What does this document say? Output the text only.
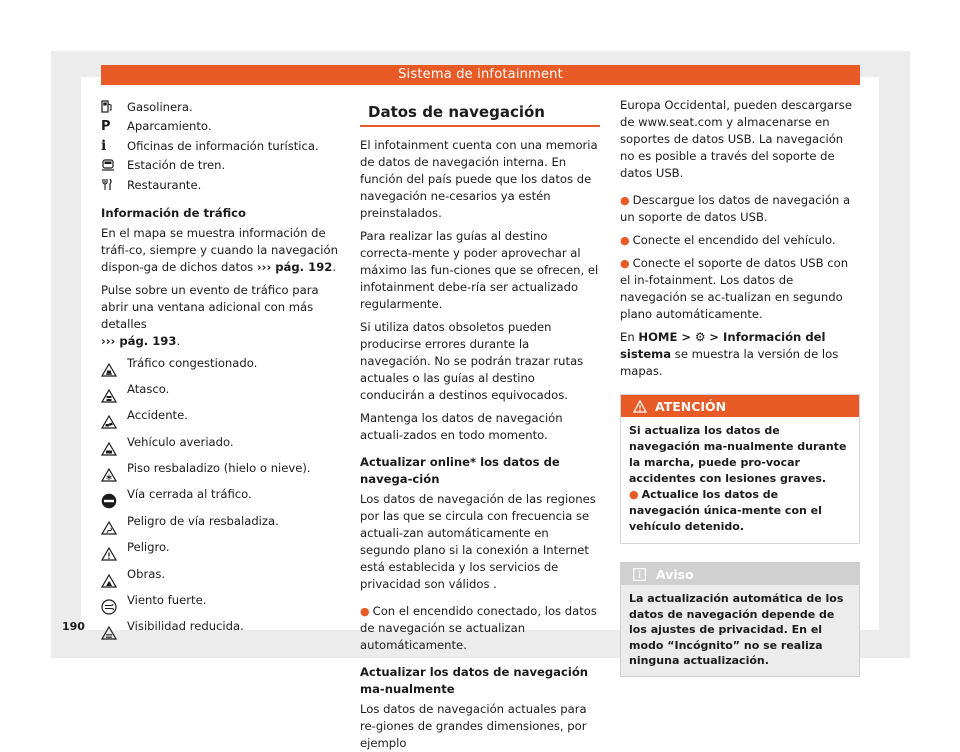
Sistema de infotainment
Gasolinera.
P Aparcamiento.
i Oficinas de información turística.
Estación de tren.
Restaurante.

Información de tráfico

En el mapa se muestra información de tráfi-co, siempre y cuando la navegación dispon-ga de dichos datos ››› pág. 192.

Pulse sobre un evento de tráfico para abrir una ventana adicional con más detalles
››› pág. 193.

Tráfico congestionado.
Atasco.
Accidente.
Vehículo averiado.
Piso resbaladizo (hielo o nieve).
Vía cerrada al tráfico.
Peligro de vía resbaladiza.
Peligro.
Obras.
Viento fuerte.
Visibilidad reducida.
Datos de navegación

El infotainment cuenta con una memoria de datos de navegación interna. En función del país puede que los datos de navegación ne-cesarios ya estén preinstalados.

Para realizar las guías al destino correcta-mente y poder aprovechar al máximo las fun-ciones que se ofrecen, el infotainment debe-ría ser actualizado regularmente.

Si utiliza datos obsoletos pueden producirse errores durante la navegación. No se podrán trazar rutas actuales o las guías al destino conducirán a destinos equivocados.

Mantenga los datos de navegación actuali-zados en todo momento.

Actualizar online* los datos de navega-ción

Los datos de navegación de las regiones por las que se circula con frecuencia se actuali-zan automáticamente en segundo plano si la conexión a Internet está establecida y los servicios de privacidad son válidos .

● Con el encendido conectado, los datos de navegación se actualizan automáticamente.

Actualizar los datos de navegación ma-nualmente

Los datos de navegación actuales para re-giones de grandes dimensiones, por ejemplo

Europa Occidental, pueden descargarse de www.seat.com y almacenarse en soportes de datos USB. La navegación no es posible a través del soporte de datos USB.

● Descargue los datos de navegación a un soporte de datos USB.

● Conecte el encendido del vehículo.

● Conecte el soporte de datos USB con el in-fotainment. Los datos de navegación se ac-tualizan en segundo plano automáticamente.

En HOME > ⚙ > Información del sistema se muestra la versión de los mapas.

ATENCIÓN

Si actualiza los datos de navegación ma-nualmente durante la marcha, puede pro-vocar accidentes con lesiones graves.

● Actualice los datos de navegación única-mente con el vehículo detenido.

Aviso

La actualización automática de los datos de navegación depende de los ajustes de privacidad. En el modo “Incógnito” no se realiza ninguna actualización.

190
